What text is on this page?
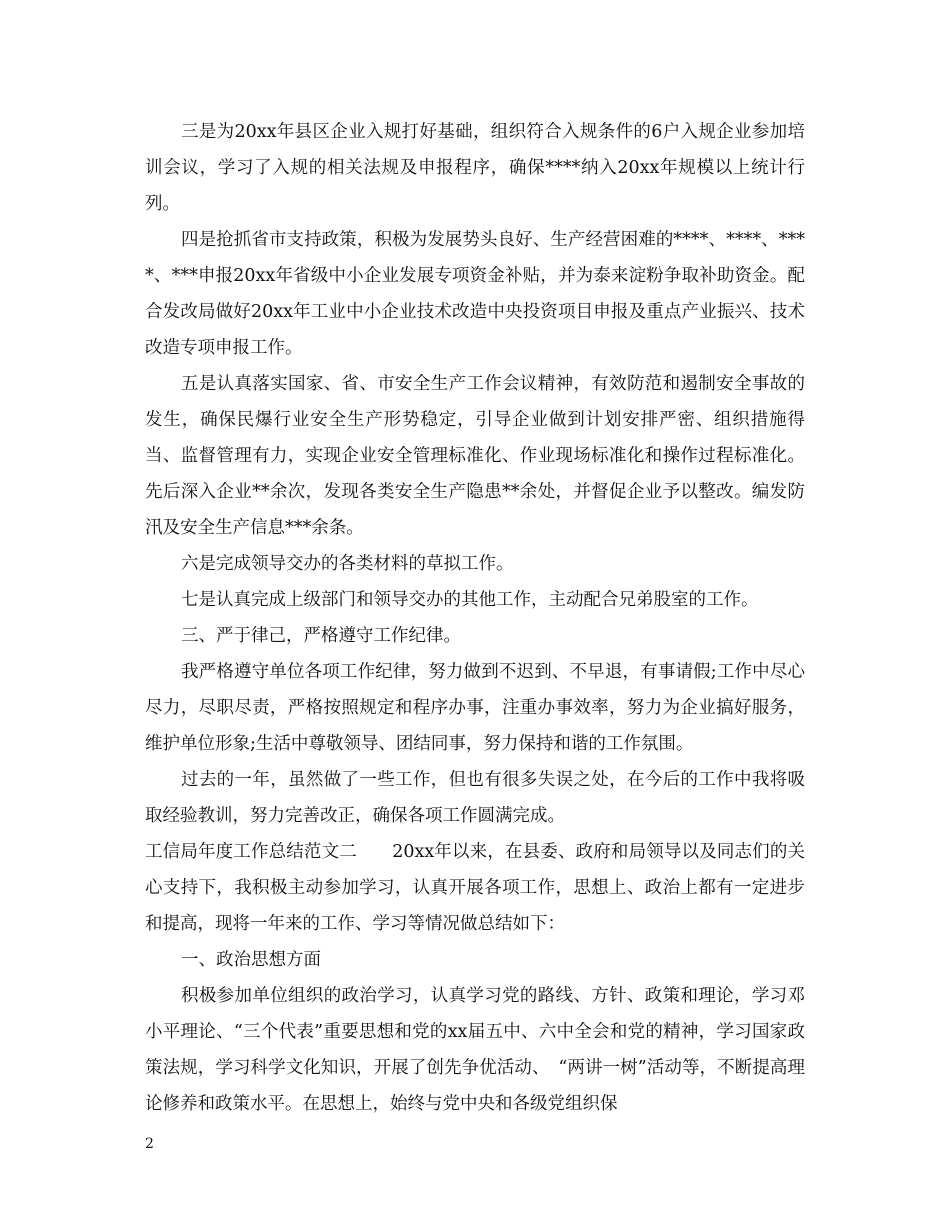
三是为20xx年县区企业入规打好基础，组织符合入规条件的6户入规企业参加培训会议，学习了入规的相关法规及申报程序，确保****纳入20xx年规模以上统计行列。

四是抢抓省市支持政策，积极为发展势头良好、生产经营困难的****、****、****、***申报20xx年省级中小企业发展专项资金补贴，并为泰来淀粉争取补助资金。配合发改局做好20xx年工业中小企业技术改造中央投资项目申报及重点产业振兴、技术改造专项申报工作。

五是认真落实国家、省、市安全生产工作会议精神，有效防范和遏制安全事故的发生，确保民爆行业安全生产形势稳定，引导企业做到计划安排严密、组织措施得当、监督管理有力，实现企业安全管理标准化、作业现场标准化和操作过程标准化。先后深入企业**余次，发现各类安全生产隐患**余处，并督促企业予以整改。编发防汛及安全生产信息***余条。

六是完成领导交办的各类材料的草拟工作。

七是认真完成上级部门和领导交办的其他工作，主动配合兄弟股室的工作。

三、严于律己，严格遵守工作纪律。

我严格遵守单位各项工作纪律，努力做到不迟到、不早退，有事请假;工作中尽心尽力，尽职尽责，严格按照规定和程序办事，注重办事效率，努力为企业搞好服务，维护单位形象;生活中尊敬领导、团结同事，努力保持和谐的工作氛围。

过去的一年，虽然做了一些工作，但也有很多失误之处，在今后的工作中我将吸取经验教训，努力完善改正，确保各项工作圆满完成。

工信局年度工作总结范文二　　20xx年以来，在县委、政府和局领导以及同志们的关心支持下，我积极主动参加学习，认真开展各项工作，思想上、政治上都有一定进步和提高，现将一年来的工作、学习等情况做总结如下：

一、政治思想方面

积极参加单位组织的政治学习，认真学习党的路线、方针、政策和理论，学习邓小平理论、“三个代表”重要思想和党的xx届五中、六中全会和党的精神，学习国家政策法规，学习科学文化知识，开展了创先争优活动、　“两讲一树”活动等，不断提高理论修养和政策水平。在思想上，始终与党中央和各级党组织保

2
